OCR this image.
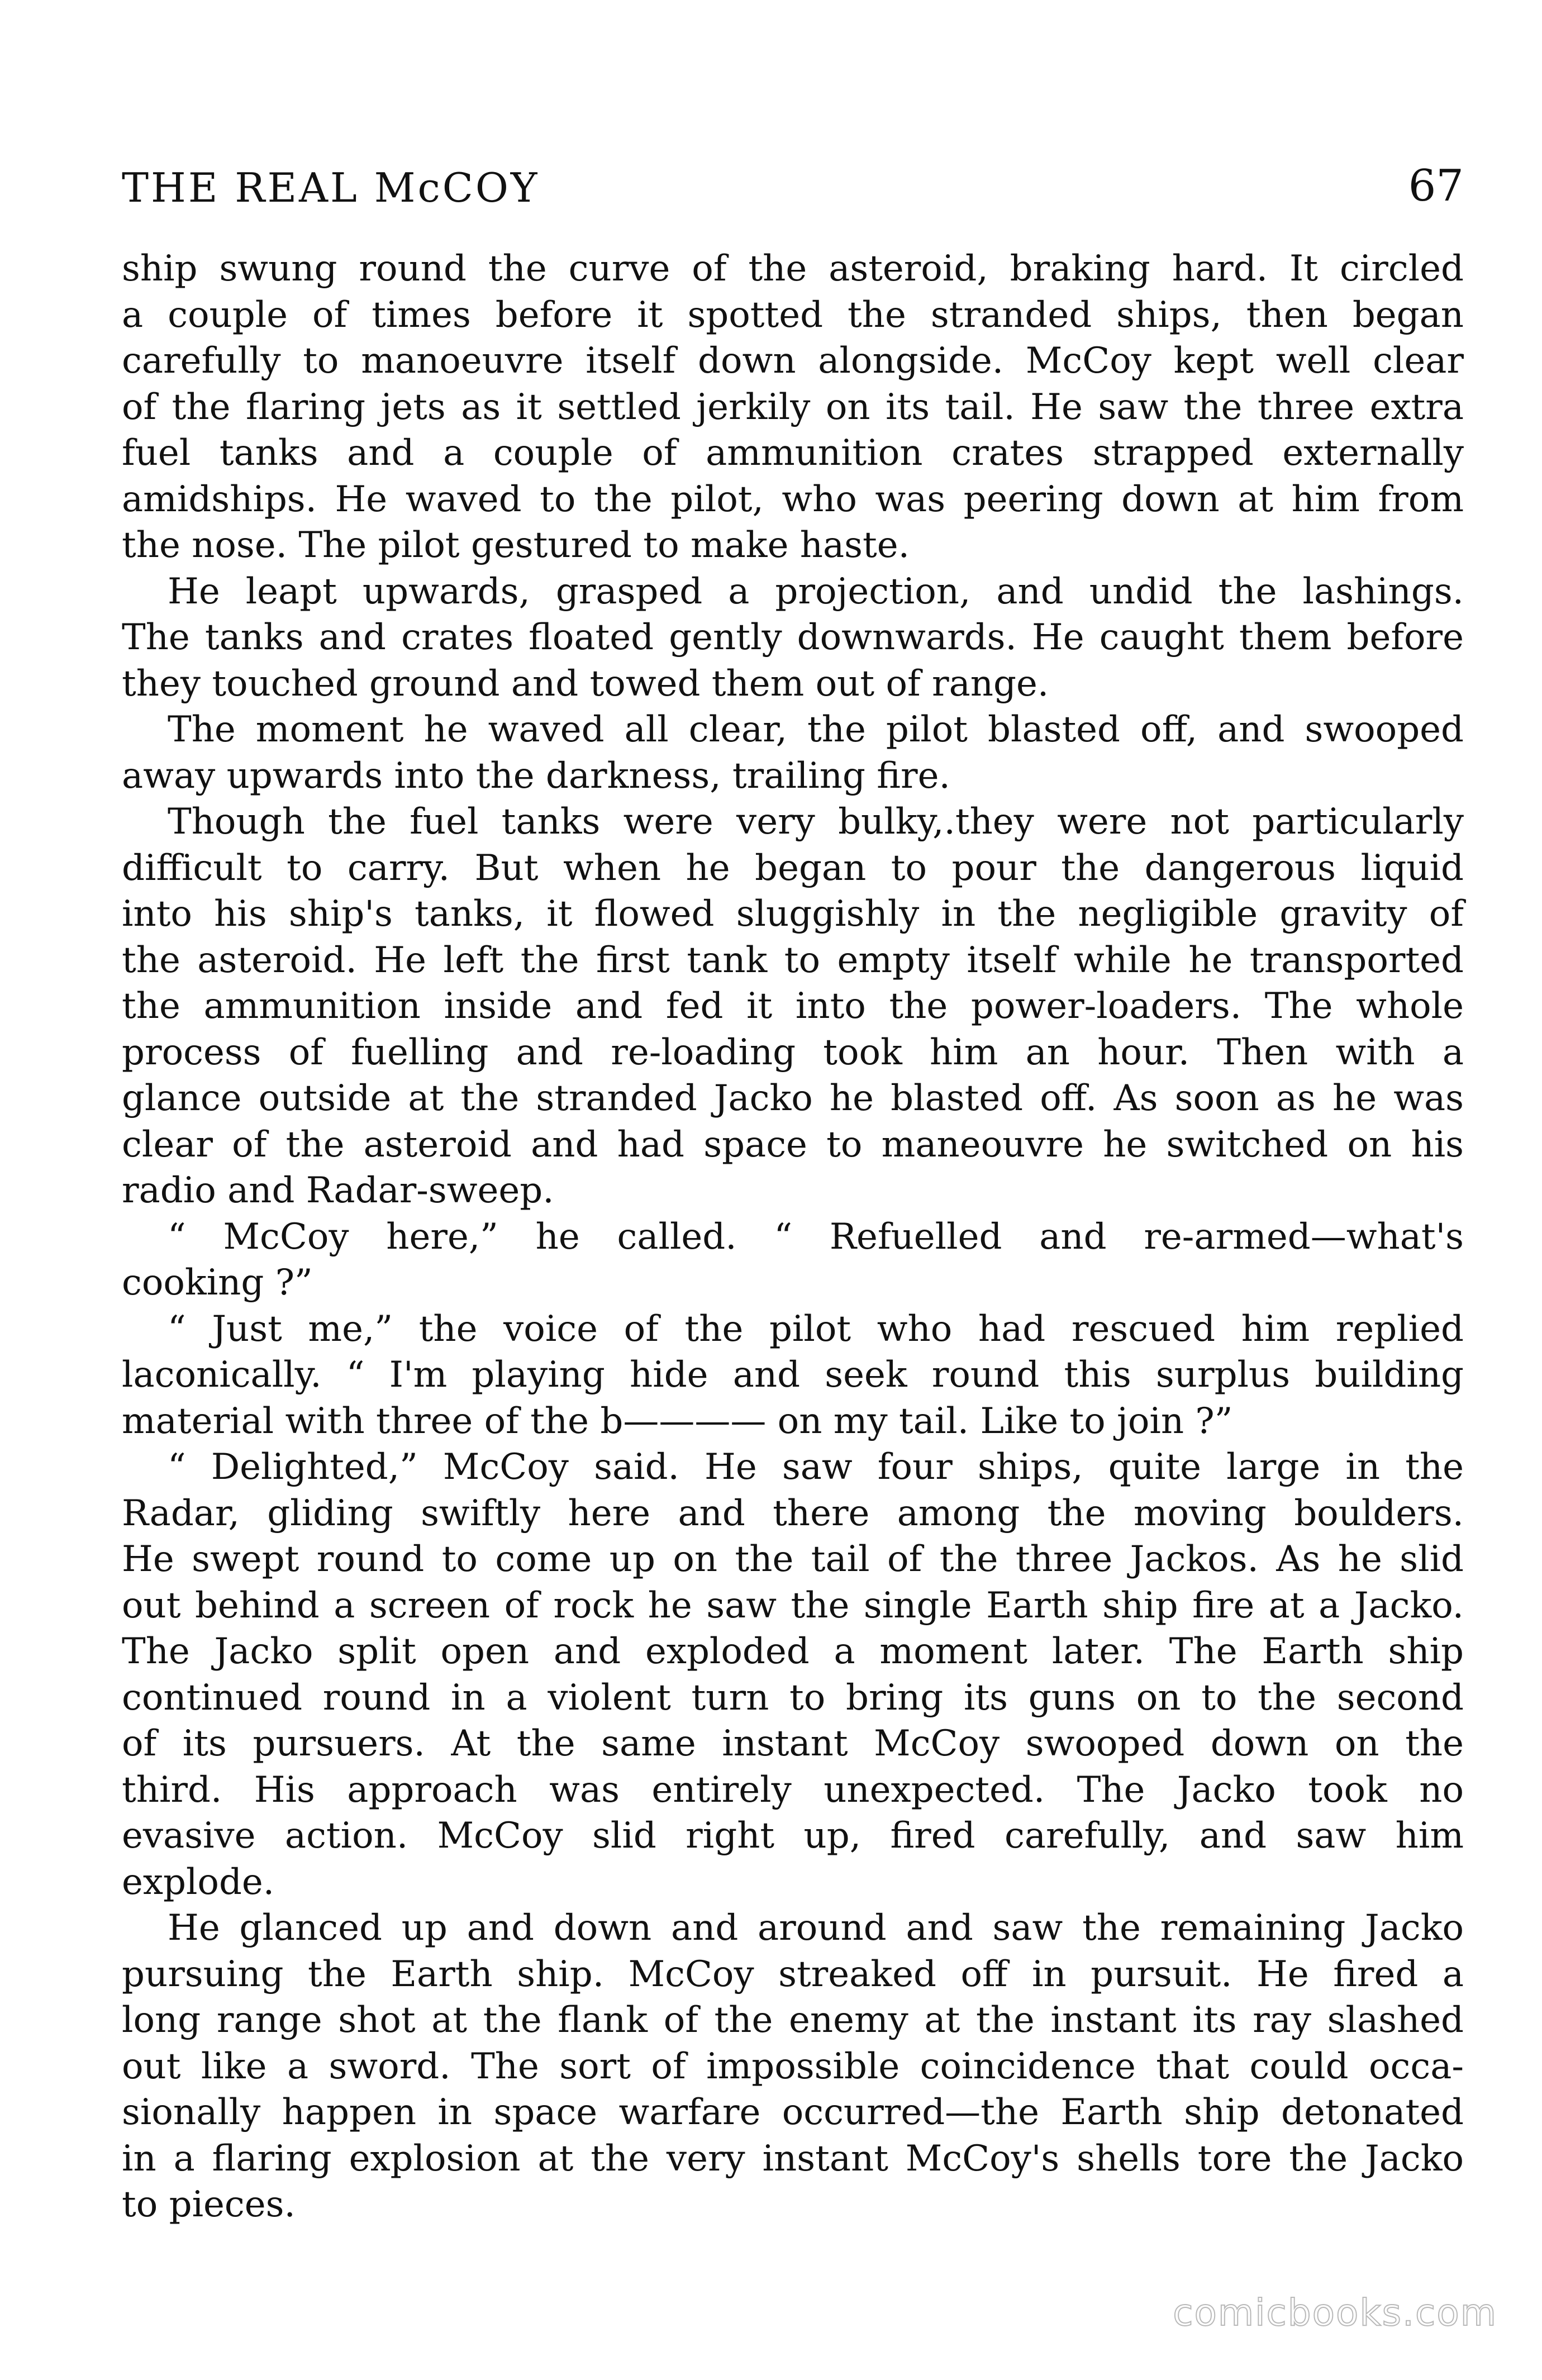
THE REAL McCOY	67

ship swung round the curve of the asteroid, braking hard. It circled
a couple of times before it spotted the stranded ships, then began
carefully to manoeuvre itself down alongside. McCoy kept well clear
of the flaring jets as it settled jerkily on its tail. He saw the three extra
fuel tanks and a couple of ammunition crates strapped externally
amidships. He waved to the pilot, who was peering down at him from
the nose. The pilot gestured to make haste.

He leapt upwards, grasped a projection, and undid the lashings.
The tanks and crates floated gently downwards. He caught them before
they touched ground and towed them out of range.

The moment he waved all clear, the pilot blasted off, and swooped
away upwards into the darkness, trailing fire.

Though the fuel tanks were very bulky,.they were not particularly
difficult to carry. But when he began to pour the dangerous liquid
into his ship's tanks, it flowed sluggishly in the negligible gravity of
the asteroid. He left the first tank to empty itself while he transported
the ammunition inside and fed it into the power-loaders. The whole
process of fuelling and re-loading took him an hour. Then with a
glance outside at the stranded Jacko he blasted off. As soon as he was
clear of the asteroid and had space to maneouvre he switched on his
radio and Radar-sweep.

“ McCoy here,” he called. “ Refuelled and re-armed—what's
cooking ?”

“ Just me,” the voice of the pilot who had rescued him replied
laconically. “ I'm playing hide and seek round this surplus building
material with three of the b———— on my tail. Like to join ?”

“ Delighted,” McCoy said. He saw four ships, quite large in the
Radar, gliding swiftly here and there among the moving boulders.
He swept round to come up on the tail of the three Jackos. As he slid
out behind a screen of rock he saw the single Earth ship fire at a Jacko.
The Jacko split open and exploded a moment later. The Earth ship
continued round in a violent turn to bring its guns on to the second
of its pursuers. At the same instant McCoy swooped down on the
third. His approach was entirely unexpected. The Jacko took no
evasive action. McCoy slid right up, fired carefully, and saw him
explode.

He glanced up and down and around and saw the remaining Jacko
pursuing the Earth ship. McCoy streaked off in pursuit. He fired a
long range shot at the flank of the enemy at the instant its ray slashed
out like a sword. The sort of impossible coincidence that could occa-
sionally happen in space warfare occurred—the Earth ship detonated
in a flaring explosion at the very instant McCoy's shells tore the Jacko
to pieces.

comicbooks.com
